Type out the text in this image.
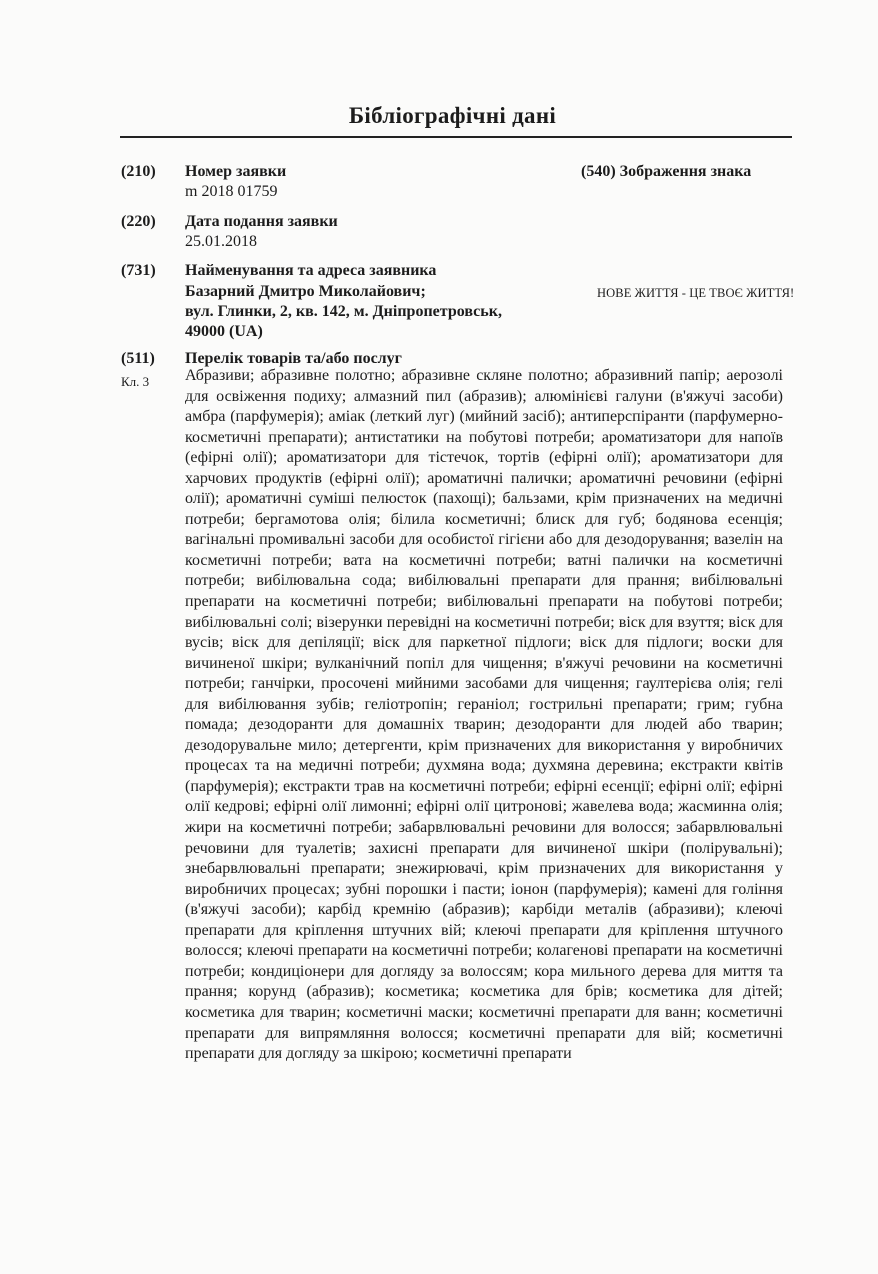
Бібліографічні дані
(210) Номер заявки
m 2018 01759
(220) Дата подання заявки
25.01.2018
(731) Найменування та адреса заявника
Базарний Дмитро Миколайович;
вул. Глинки, 2, кв. 142, м. Дніпропетровськ,
49000 (UA)
(540) Зображення знака
НОВЕ ЖИТТЯ - ЦЕ ТВОЄ ЖИТТЯ!
(511) Перелік товарів та/або послуг
Кл. 3 Абразиви; абразивне полотно; абразивне скляне полотно; абразивний папір; аерозолі для освіження подиху; алмазний пил (абразив); алюмінієві галуни (в'яжучі засоби) амбра (парфумерія); аміак (леткий луг) (мийний засіб); антиперспіранти (парфумерно-косметичні препарати); антистатики на побутові потреби; ароматизатори для напоїв (ефірні олії); ароматизатори для тістечок, тортів (ефірні олії); ароматизатори для харчових продуктів (ефірні олії); ароматичні палички; ароматичні речовини (ефірні олії); ароматичні суміші пелюсток (пахощі); бальзами, крім призначених на медичні потреби; бергамотова олія; білила косметичні; блиск для губ; бодянова есенція; вагінальні промивальні засоби для особистої гігієни або для дезодорування; вазелін на косметичні потреби; вата на косметичні потреби; ватні палички на косметичні потреби; вибілювальна сода; вибілювальні препарати для прання; вибілювальні препарати на косметичні потреби; вибілювальні препарати на побутові потреби; вибілювальні солі; візерунки перевідні на косметичні потреби; віск для взуття; віск для вусів; віск для депіляції; віск для паркетної підлоги; віск для підлоги; воски для вичиненої шкіри; вулканічний попіл для чищення; в'яжучі речовини на косметичні потреби; ганчірки, просочені мийними засобами для чищення; гаултерієва олія; гелі для вибілювання зубів; геліотропін; геранiол; гострильні препарати; грим; губна помада; дезодоранти для домашніх тварин; дезодоранти для людей або тварин; дезодорувальне мило; детергенти, крім призначених для використання у виробничих процесах та на медичні потреби; духмяна вода; духмяна деревина; екстракти квітів (парфумерія); екстракти трав на косметичні потреби; ефірні есенції; ефірні олії; ефірні олії кедрові; ефірні олії лимонні; ефірні олії цитронові; жавелева вода; жасминна олія; жири на косметичні потреби; забарвлювальні речовини для волосся; забарвлювальні речовини для туалетів; захисні препарати для вичиненої шкіри (полірувальні); знебарвлювальні препарати; знежирювачі, крім призначених для використання у виробничих процесах; зубні порошки і пасти; іонон (парфумерія); камені для гоління (в'яжучі засоби); карбід кремнію (абразив); карбіди металів (абразиви); клеючі препарати для кріплення штучних вій; клеючі препарати для кріплення штучного волосся; клеючі препарати на косметичні потреби; колагенові препарати на косметичні потреби; кондиціонери для догляду за волоссям; кора мильного дерева для миття та прання; корунд (абразив); косметика; косметика для брів; косметика для дітей; косметика для тварин; косметичні маски; косметичні препарати для ванн; косметичні препарати для випрямляння волосся; косметичні препарати для вій; косметичні препарати для догляду за шкірою; косметичні препарати
